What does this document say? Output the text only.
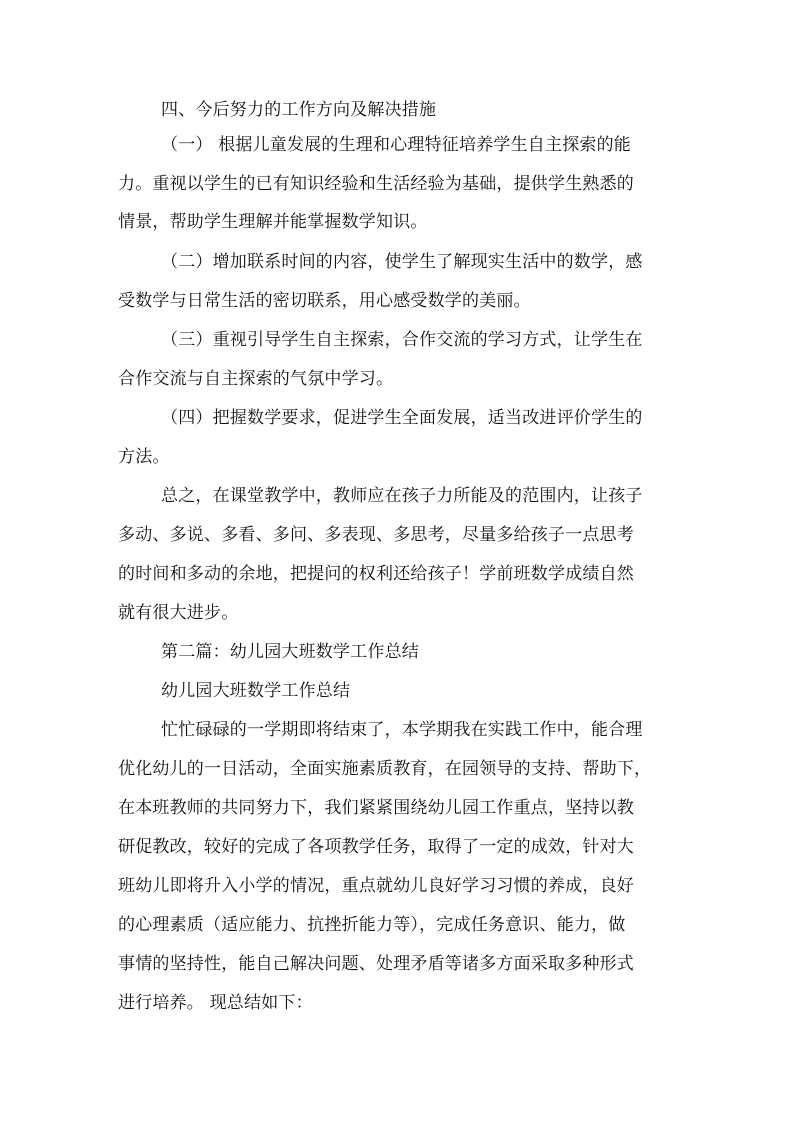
四、今后努力的工作方向及解决措施
（一） 根据儿童发展的生理和心理特征培养学生自主探索的能
力。重视以学生的已有知识经验和生活经验为基础，提供学生熟悉的
情景，帮助学生理解并能掌握数学知识。
（二）增加联系时间的内容，使学生了解现实生活中的数学，感
受数学与日常生活的密切联系，用心感受数学的美丽。
（三）重视引导学生自主探索，合作交流的学习方式，让学生在
合作交流与自主探索的气氛中学习。
（四）把握数学要求，促进学生全面发展，适当改进评价学生的
方法。
总之，在课堂教学中，教师应在孩子力所能及的范围内，让孩子
多动、多说、多看、多问、多表现、多思考，尽量多给孩子一点思考
的时间和多动的余地，把提问的权利还给孩子！学前班数学成绩自然
就有很大进步。
第二篇：幼儿园大班数学工作总结
幼儿园大班数学工作总结
忙忙碌碌的一学期即将结束了，本学期我在实践工作中，能合理
优化幼儿的一日活动，全面实施素质教育，在园领导的支持、帮助下，
在本班教师的共同努力下，我们紧紧围绕幼儿园工作重点，坚持以教
研促教改，较好的完成了各项教学任务，取得了一定的成效，针对大
班幼儿即将升入小学的情况，重点就幼儿良好学习习惯的养成，良好
的心理素质（适应能力、抗挫折能力等），完成任务意识、能力，做
事情的坚持性，能自己解决问题、处理矛盾等诸多方面采取多种形式
进行培养。 现总结如下：
